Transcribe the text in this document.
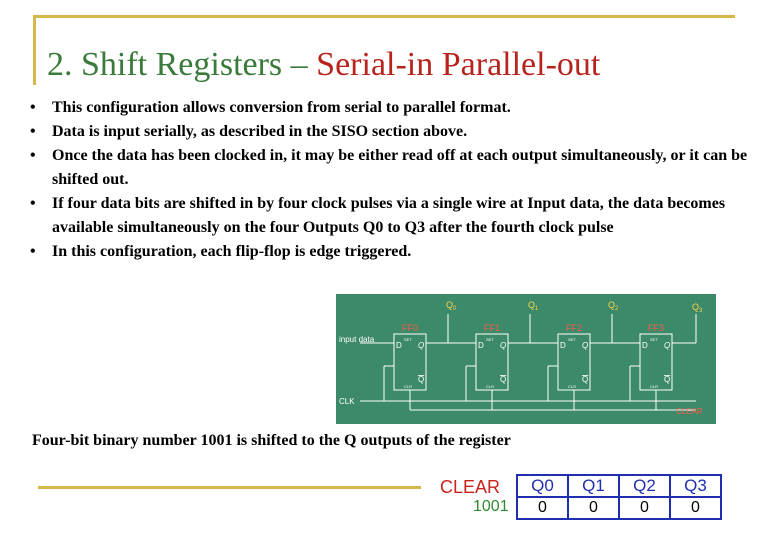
2. Shift Registers – Serial-in Parallel-out
• This configuration allows conversion from serial to parallel format.
• Data is input serially, as described in the SISO section above.
• Once the data has been clocked in, it may be either read off at each output simultaneously, or it can be shifted out.
• If four data bits are shifted in by four clock pulses via a single wire at Input data, the data becomes available simultaneously on the four Outputs Q0 to Q3 after the fourth clock pulse
• In this configuration, each flip-flop is edge triggered.
$Q_0$	$Q_1$	$Q_2$	$Q_3$
FF0
D
SET
Q
Q
CLR
FF1
D
SET
Q
Q
CLR
FF2
D
SET
Q
Q
CLR
FF3
D
SET
Q
Q
CLR
input data
CLK
CLEAR
Four-bit binary number 1001 is shifted to the Q outputs of the register
CLEAR
1001
Q0	Q1	Q2	Q3
0	0	0	0
